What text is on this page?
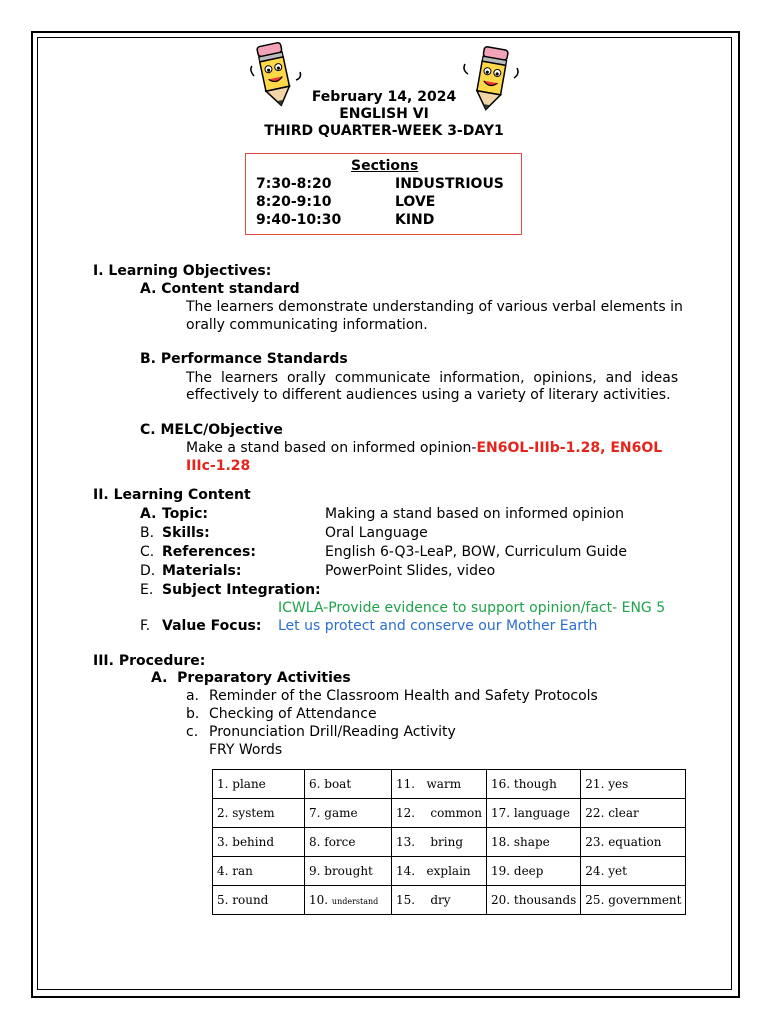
February 14, 2024
ENGLISH VI
THIRD QUARTER-WEEK 3-DAY1
Sections
7:30-8:20	INDUSTRIOUS
8:20-9:10	LOVE
9:40-10:30	KIND
I. Learning Objectives:
A. Content standard
The learners demonstrate understanding of various verbal elements in
orally communicating information.
B. Performance Standards
The  learners  orally  communicate  information,  opinions,  and  ideas
effectively to different audiences using a variety of literary activities.
C. MELC/Objective
Make a stand based on informed opinion-EN6OL-IIIb-1.28, EN6OL
IIIc-1.28
II. Learning Content
A. Topic:	Making a stand based on informed opinion
B. Skills:	Oral Language
C. References:	English 6-Q3-LeaP, BOW, Curriculum Guide
D. Materials:	PowerPoint Slides, video
E. Subject Integration:
ICWLA-Provide evidence to support opinion/fact- ENG 5
F. Value Focus: Let us protect and conserve our Mother Earth
III. Procedure:
A.  Preparatory Activities
a. Reminder of the Classroom Health and Safety Protocols
b. Checking of Attendance
c. Pronunciation Drill/Reading Activity
FRY Words
1. plane	6. boat	11.   warm	16. though	21. yes
2. system	7. game	12.    common	17. language	22. clear
3. behind	8. force	13.    bring	18. shape	23. equation
4. ran	9. brought	14.   explain	19. deep	24. yet
5. round	10. understand	15.    dry	20. thousands	25. government
